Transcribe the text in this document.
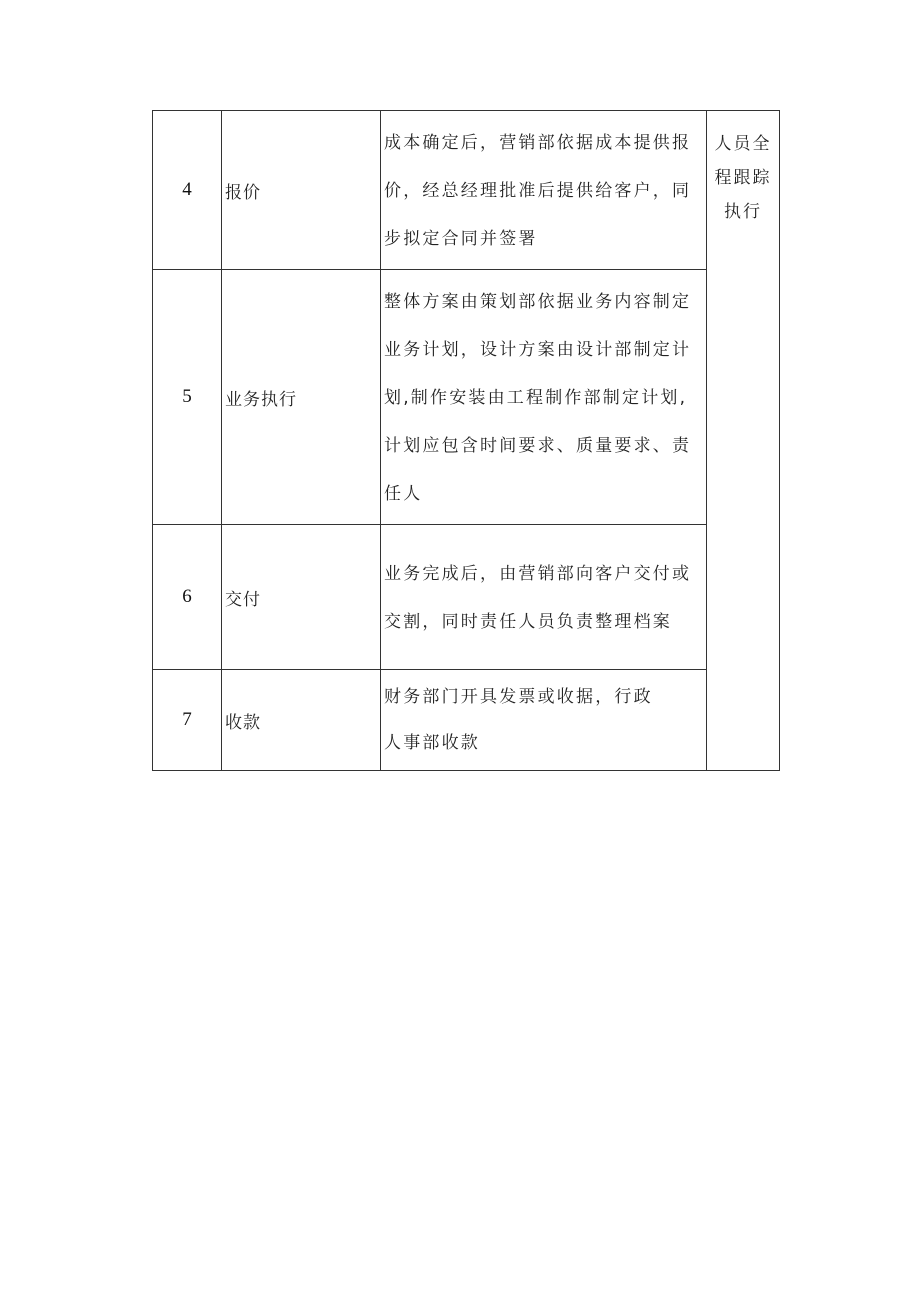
4	报价	成本确定后，营销部依据成本提供报价，经总经理批准后提供给客户，同步拟定合同并签署	人员全
程跟踪
执行

5	业务执行	整体方案由策划部依据业务内容制定业务计划，设计方案由设计部制定计划,制作安装由工程制作部制定计划,计划应包含时间要求、质量要求、责任人	
6	交付	业务完成后，由营销部向客户交付或交割，同时责任人员负责整理档案	
7	收款	财务部门开具发票或收据，行政
人事部收款	
